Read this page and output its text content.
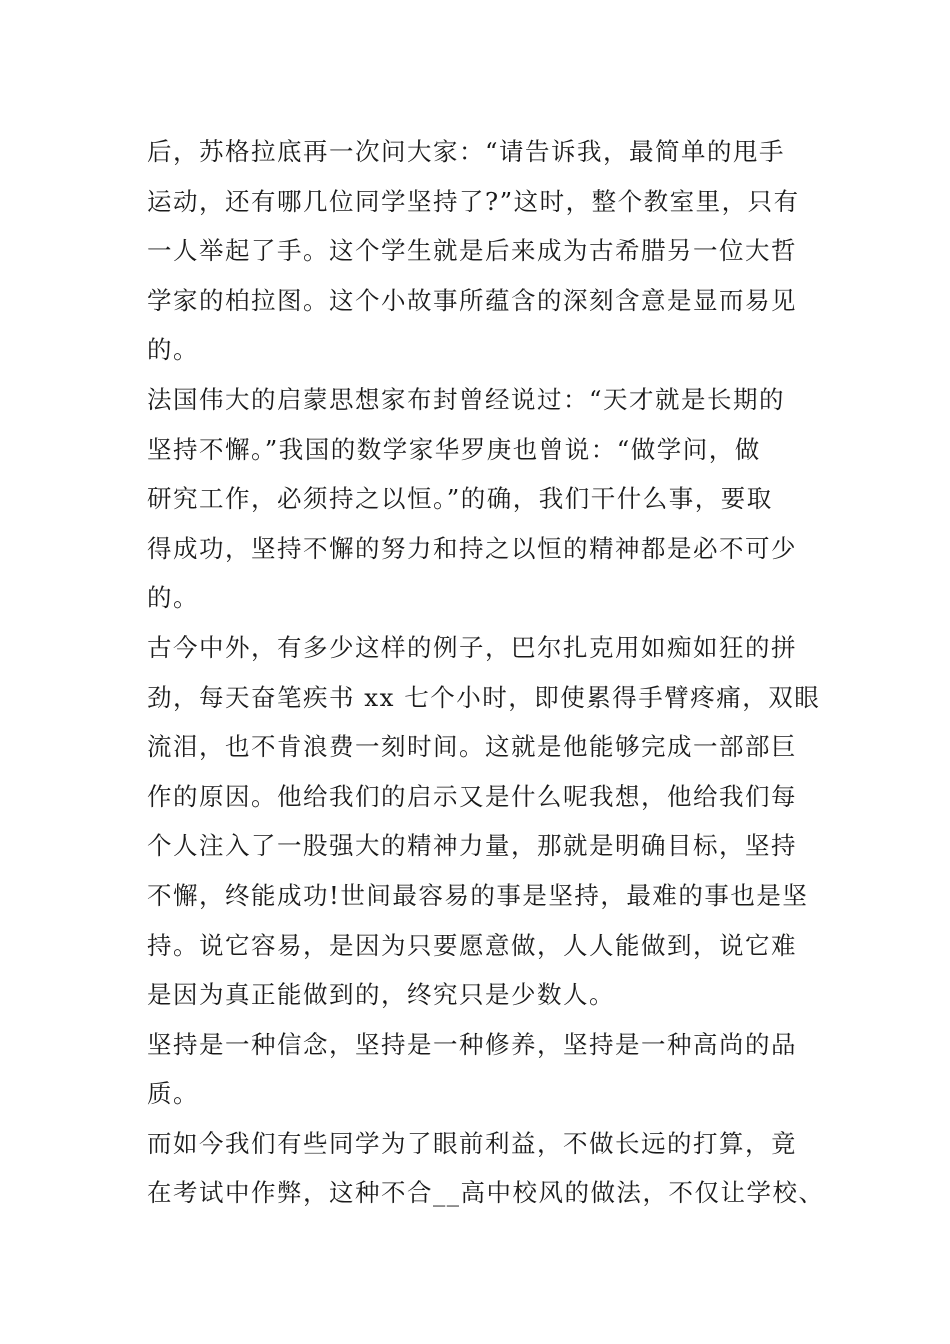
后，苏格拉底再一次问大家：“请告诉我，最简单的甩手
运动，还有哪几位同学坚持了?”这时，整个教室里，只有
一人举起了手。这个学生就是后来成为古希腊另一位大哲
学家的柏拉图。这个小故事所蕴含的深刻含意是显而易见
的。
法国伟大的启蒙思想家布封曾经说过：“天才就是长期的
坚持不懈。”我国的数学家华罗庚也曾说：“做学问，做
研究工作，必须持之以恒。”的确，我们干什么事，要取
得成功，坚持不懈的努力和持之以恒的精神都是必不可少
的。
古今中外，有多少这样的例子，巴尔扎克用如痴如狂的拼
劲，每天奋笔疾书 xx 七个小时，即使累得手臂疼痛，双眼
流泪，也不肯浪费一刻时间。这就是他能够完成一部部巨
作的原因。他给我们的启示又是什么呢我想，他给我们每
个人注入了一股强大的精神力量，那就是明确目标，坚持
不懈，终能成功!世间最容易的事是坚持，最难的事也是坚
持。说它容易，是因为只要愿意做，人人能做到，说它难
是因为真正能做到的，终究只是少数人。
坚持是一种信念，坚持是一种修养，坚持是一种高尚的品
质。
而如今我们有些同学为了眼前利益，不做长远的打算，竟
在考试中作弊，这种不合__高中校风的做法，不仅让学校、
